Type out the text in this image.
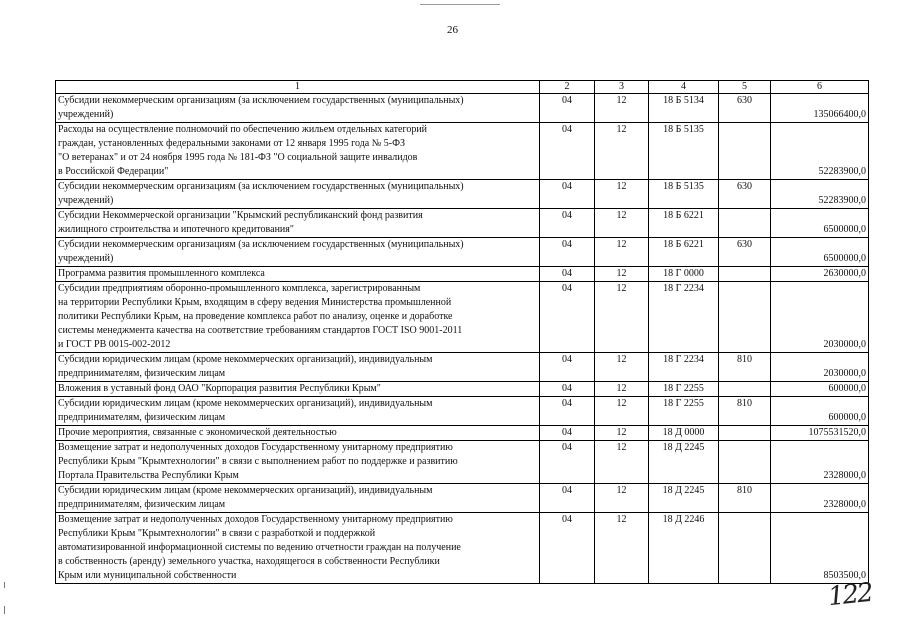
26
1	2	3	4	5	6

Субсидии некоммерческим организациям (за исключением государственных (муниципальных)
учреждений)	04	12	18 Б 5134	630	135066400,0

Расходы на осуществление полномочий по обеспечению жильем отдельных категорий
граждан, установленных федеральными законами от 12 января 1995 года № 5-ФЗ
"О ветеранах" и от 24 ноября 1995 года № 181-ФЗ "О социальной защите инвалидов
в Российской Федерации"	04	12	18 Б 5135		52283900,0

Субсидии некоммерческим организациям (за исключением государственных (муниципальных)
учреждений)	04	12	18 Б 5135	630	52283900,0

Субсидии Некоммерческой организации "Крымский республиканский фонд развития
жилищного строительства и ипотечного кредитования"	04	12	18 Б 6221		6500000,0

Субсидии некоммерческим организациям (за исключением государственных (муниципальных)
учреждений)	04	12	18 Б 6221	630	6500000,0

Программа развития промышленного комплекса	04	12	18 Г 0000		2630000,0

Субсидии предприятиям оборонно-промышленного комплекса, зарегистрированным
на территории Республики Крым, входящим в сферу ведения Министерства промышленной
политики Республики Крым, на проведение комплекса работ по анализу, оценке и доработке
системы менеджмента качества на соответствие требованиям стандартов ГОСТ ISO 9001-2011
и ГОСТ РВ 0015-002-2012	04	12	18 Г 2234		2030000,0

Субсидии юридическим лицам (кроме некоммерческих организаций), индивидуальным
предпринимателям, физическим лицам	04	12	18 Г 2234	810	2030000,0

Вложения в уставный фонд ОАО "Корпорация развития Республики Крым"	04	12	18 Г 2255		600000,0

Субсидии юридическим лицам (кроме некоммерческих организаций), индивидуальным
предпринимателям, физическим лицам	04	12	18 Г 2255	810	600000,0

Прочие мероприятия, связанные с экономической деятельностью	04	12	18 Д 0000		1075531520,0

Возмещение затрат и недополученных доходов Государственному унитарному предприятию
Республики Крым "Крымтехнологии" в связи с выполнением работ по поддержке и развитию
Портала Правительства Республики Крым	04	12	18 Д 2245		2328000,0

Субсидии юридическим лицам (кроме некоммерческих организаций), индивидуальным
предпринимателям, физическим лицам	04	12	18 Д 2245	810	2328000,0

Возмещение затрат и недополученных доходов Государственному унитарному предприятию
Республики Крым "Крымтехнологии" в связи с разработкой и поддержкой
автоматизированной информационной системы по ведению отчетности граждан на получение
в собственность (аренду) земельного участка, находящегося в собственности Республики
Крым или муниципальной собственности	04	12	18 Д 2246		8503500,0
122
